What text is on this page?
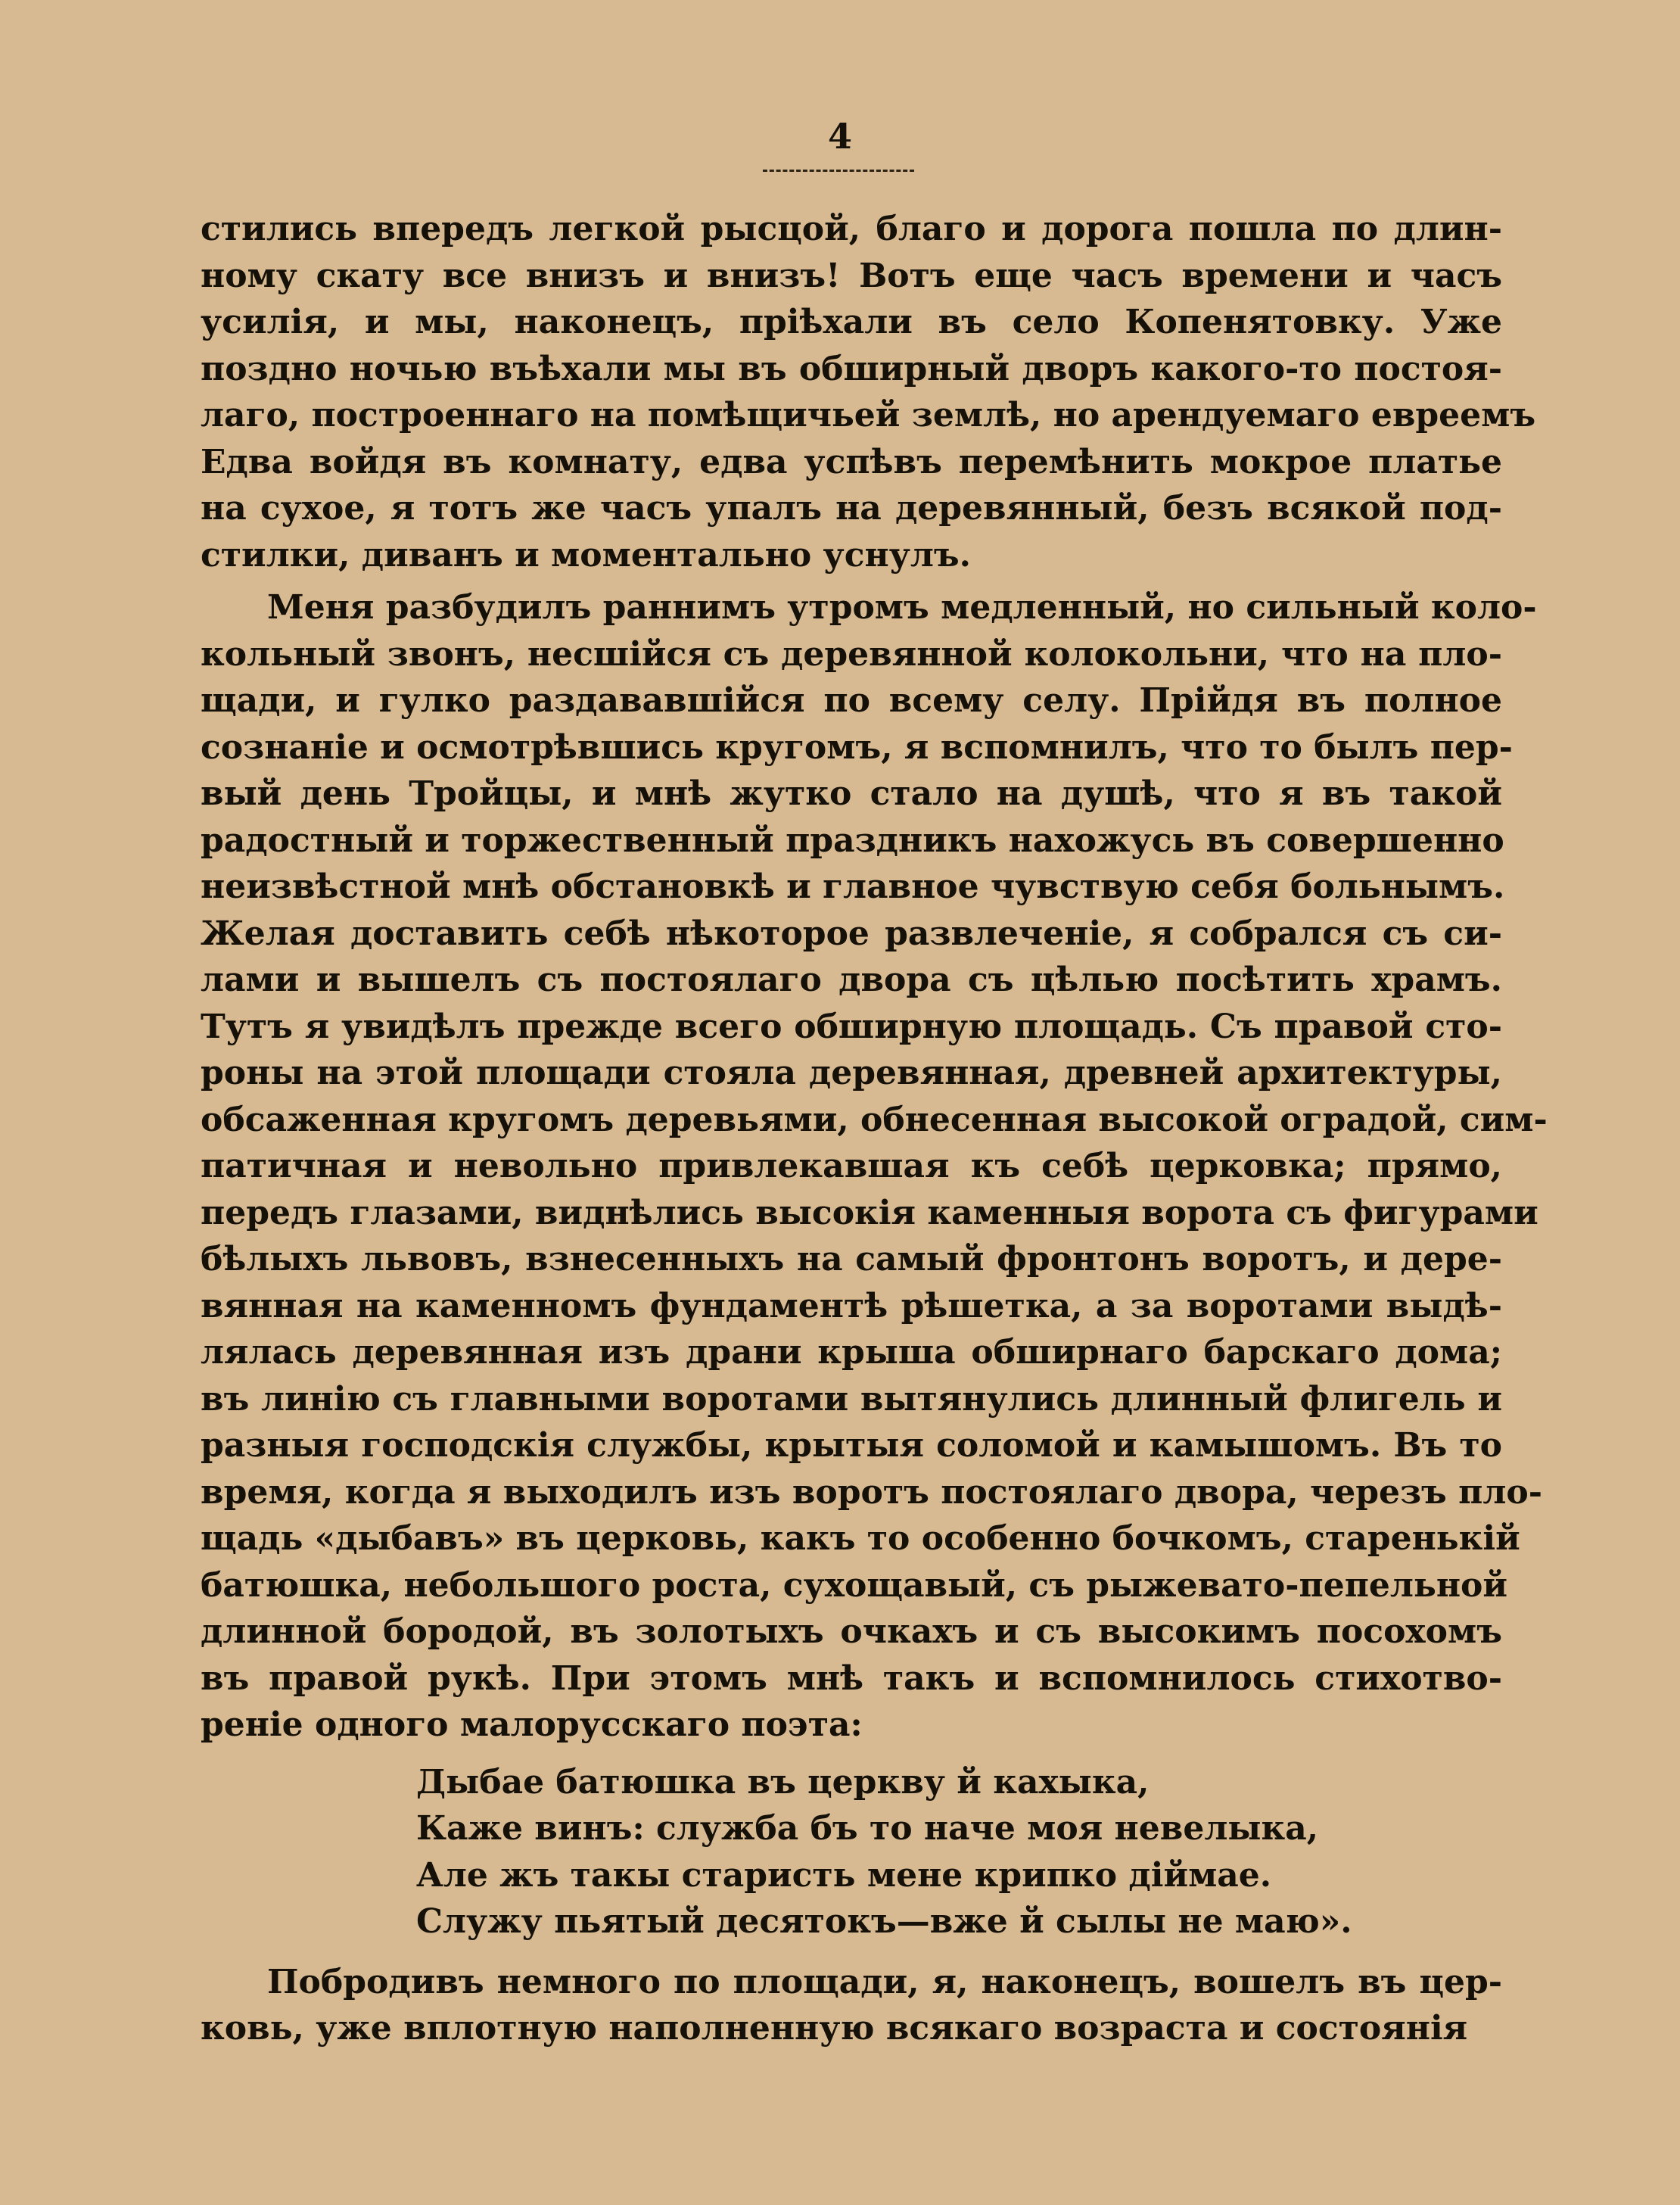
4
стились впередъ легкой рысцой, благо и дорога пошла по длин-
ному скату все внизъ и внизъ! Вотъ еще часъ времени и часъ
усилія, и мы, наконецъ, пріѣхали въ село Копенятовку. Уже
поздно ночью въѣхали мы въ обширный дворъ какого-то постоя-
лаго, построеннаго на помѣщичьей землѣ, но арендуемаго евреемъ
Едва войдя въ комнату, едва успѣвъ перемѣнить мокрое платье
на сухое, я тотъ же часъ упалъ на деревянный, безъ всякой под-
стилки, диванъ и моментально уснулъ.
Меня разбудилъ раннимъ утромъ медленный, но сильный коло-
кольный звонъ, несшійся съ деревянной колокольни, что на пло-
щади, и гулко раздававшійся по всему селу. Прійдя въ полное
сознаніе и осмотрѣвшись кругомъ, я вспомнилъ, что то былъ пер-
вый день Тройцы, и мнѣ жутко стало на душѣ, что я въ такой
радостный и торжественный праздникъ нахожусь въ совершенно
неизвѣстной мнѣ обстановкѣ и главное чувствую себя больнымъ.
Желая доставить себѣ нѣкоторое развлеченіе, я собрался съ си-
лами и вышелъ съ постоялаго двора съ цѣлью посѣтить храмъ.
Тутъ я увидѣлъ прежде всего обширную площадь. Съ правой сто-
роны на этой площади стояла деревянная, древней архитектуры,
обсаженная кругомъ деревьями, обнесенная высокой оградой, сим-
патичная и невольно привлекавшая къ себѣ церковка; прямо,
передъ глазами, виднѣлись высокія каменныя ворота съ фигурами
бѣлыхъ львовъ, взнесенныхъ на самый фронтонъ воротъ, и дере-
вянная на каменномъ фундаментѣ рѣшетка, а за воротами выдѣ-
лялась деревянная изъ драни крыша обширнаго барскаго дома;
въ линію съ главными воротами вытянулись длинный флигель и
разныя господскія службы, крытыя соломой и камышомъ. Въ то
время, когда я выходилъ изъ воротъ постоялаго двора, черезъ пло-
щадь «дыбавъ» въ церковь, какъ то особенно бочкомъ, старенькій
батюшка, небольшого роста, сухощавый, съ рыжевато-пепельной
длинной бородой, въ золотыхъ очкахъ и съ высокимъ посохомъ
въ правой рукѣ. При этомъ мнѣ такъ и вспомнилось стихотво-
реніе одного малорусскаго поэта:
Дыбае батюшка въ церкву й кахыка,
Каже винъ: служба бъ то наче моя невелыка,
Але жъ такы старисть мене крипко дiймае.
Служу пьятый десятокъ—вже й сылы не маю».
Побродивъ немного по площади, я, наконецъ, вошелъ въ цер-
ковь, уже вплотную наполненную всякаго возраста и состоянія
